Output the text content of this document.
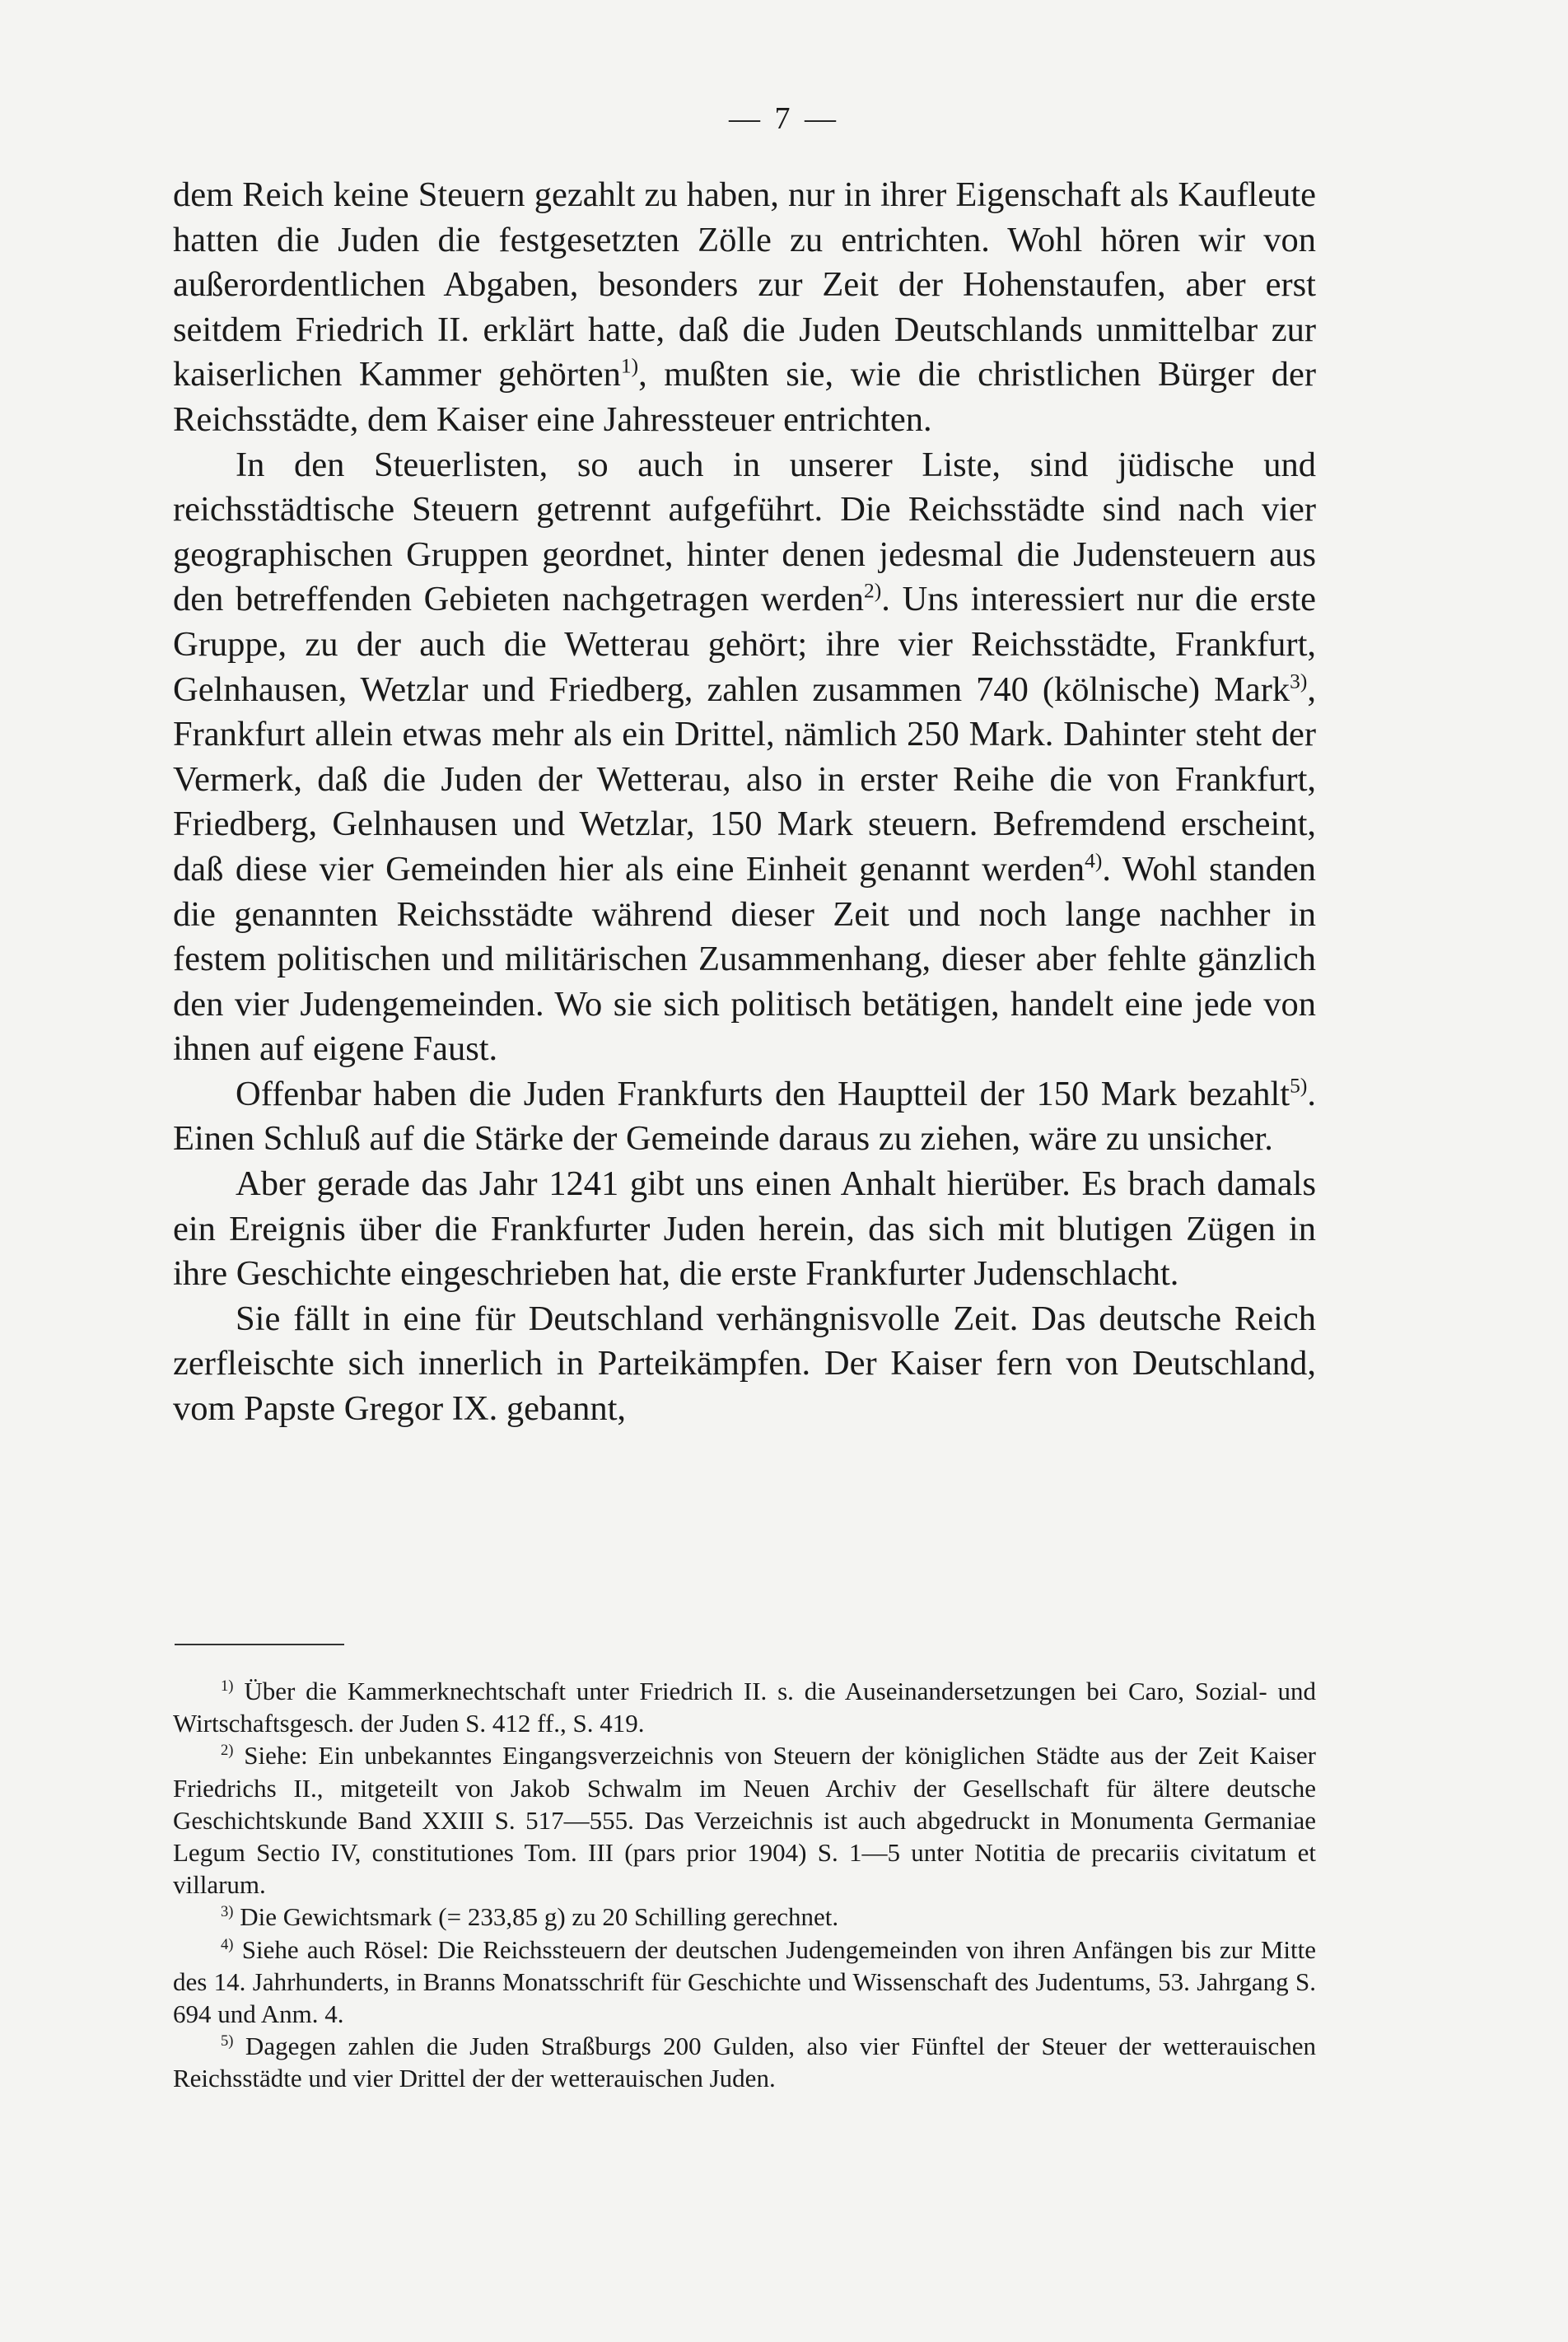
— 7 —

dem Reich keine Steuern gezahlt zu haben, nur in ihrer Eigenschaft als Kaufleute hatten die Juden die festgesetzten Zölle zu entrichten. Wohl hören wir von außerordentlichen Abgaben, besonders zur Zeit der Hohenstaufen, aber erst seitdem Friedrich II. erklärt hatte, daß die Juden Deutschlands unmittelbar zur kaiserlichen Kammer gehörten$^{1)}$, mußten sie, wie die christlichen Bürger der Reichsstädte, dem Kaiser eine Jahressteuer entrichten.

In den Steuerlisten, so auch in unserer Liste, sind jüdische und reichsstädtische Steuern getrennt aufgeführt. Die Reichsstädte sind nach vier geographischen Gruppen geordnet, hinter denen jedesmal die Judensteuern aus den betreffenden Gebieten nachgetragen werden$^{2)}$. Uns interessiert nur die erste Gruppe, zu der auch die Wetterau gehört; ihre vier Reichsstädte, Frankfurt, Gelnhausen, Wetzlar und Friedberg, zahlen zusammen 740 (kölnische) Mark$^{3)}$, Frankfurt allein etwas mehr als ein Drittel, nämlich 250 Mark. Dahinter steht der Vermerk, daß die Juden der Wetterau, also in erster Reihe die von Frankfurt, Friedberg, Gelnhausen und Wetzlar, 150 Mark steuern. Befremdend erscheint, daß diese vier Gemeinden hier als eine Einheit genannt werden$^{4)}$. Wohl standen die genannten Reichsstädte während dieser Zeit und noch lange nachher in festem politischen und militärischen Zusammenhang, dieser aber fehlte gänzlich den vier Judengemeinden. Wo sie sich politisch betätigen, handelt eine jede von ihnen auf eigene Faust.

Offenbar haben die Juden Frankfurts den Hauptteil der 150 Mark bezahlt$^{5)}$. Einen Schluß auf die Stärke der Gemeinde daraus zu ziehen, wäre zu unsicher.

Aber gerade das Jahr 1241 gibt uns einen Anhalt hierüber. Es brach damals ein Ereignis über die Frankfurter Juden herein, das sich mit blutigen Zügen in ihre Geschichte eingeschrieben hat, die erste Frankfurter Judenschlacht.

Sie fällt in eine für Deutschland verhängnisvolle Zeit. Das deutsche Reich zerfleischte sich innerlich in Parteikämpfen. Der Kaiser fern von Deutschland, vom Papste Gregor IX. gebannt,

$^{1)}$ Über die Kammerknechtschaft unter Friedrich II. s. die Auseinandersetzungen bei Caro, Sozial- und Wirtschaftsgesch. der Juden S. 412 ff., S. 419.

$^{2)}$ Siehe: Ein unbekanntes Eingangsverzeichnis von Steuern der königlichen Städte aus der Zeit Kaiser Friedrichs II., mitgeteilt von Jakob Schwalm im Neuen Archiv der Gesellschaft für ältere deutsche Geschichtskunde Band XXIII S. 517—555. Das Verzeichnis ist auch abgedruckt in Monumenta Germaniae Legum Sectio IV, constitutiones Tom. III (pars prior 1904) S. 1—5 unter Notitia de precariis civitatum et villarum.

$^{3)}$ Die Gewichtsmark (= 233,85 g) zu 20 Schilling gerechnet.

$^{4)}$ Siehe auch Rösel: Die Reichssteuern der deutschen Judengemeinden von ihren Anfängen bis zur Mitte des 14. Jahrhunderts, in Branns Monatsschrift für Geschichte und Wissenschaft des Judentums, 53. Jahrgang S. 694 und Anm. 4.

$^{5)}$ Dagegen zahlen die Juden Straßburgs 200 Gulden, also vier Fünftel der Steuer der wetterauischen Reichsstädte und vier Drittel der der wetterauischen Juden.
